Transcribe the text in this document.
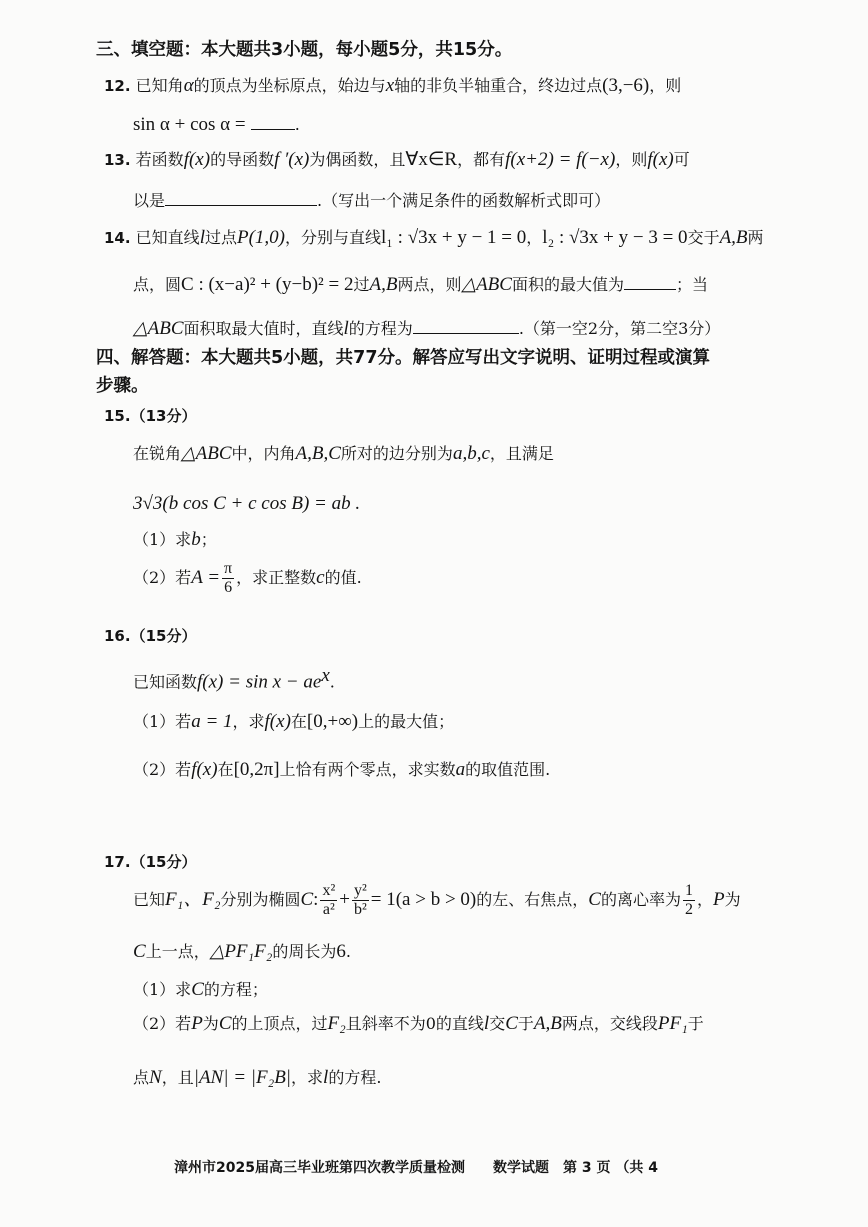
三、填空题：本大题共3小题，每小题5分，共15分。
12. 已知角α的顶点为坐标原点，始边与x轴的非负半轴重合，终边过点(3,−6)，则
sin α + cos α =	.
13. 若函数f(x)的导函数f ′(x)为偶函数，且∀x∈R，都有f(x+2) = f(−x)，则f(x)可
以是	.（写出一个满足条件的函数解析式即可）
14. 已知直线l过点P(1,0)，分别与直线l₁ : √3x + y − 1 = 0，l₂ : √3x + y − 3 = 0交于A,B两
点，圆C : (x−a)² + (y−b)² = 2过A,B两点，则△ABC面积的最大值为	；当
△ABC面积取最大值时，直线l的方程为	.（第一空2分，第二空3分）
四、解答题：本大题共5小题，共77分。解答应写出文字说明、证明过程或演算
步骤。
15.（13分）
在锐角△ABC中，内角A,B,C所对的边分别为a,b,c，且满足
3√3(b cos C + c cos B) = ab .
（1）求b；
（2）若$A = \frac{\pi}{6}$ ，求正整数c的值.
16.（15分）
已知函数$f(x) = \sin x - ae^x$.
（1）若a = 1，求f(x)在[0,+∞)上的最大值；
（2）若f(x)在[0,2π]上恰有两个零点，求实数a的取值范围.
17.（15分）
已知F₁、F₂分别为椭圆C: $\frac{\text{x²}}{\text{a²}} + \frac{\text{y²}}{\text{b²}} = 1(a > b > 0)$的左、右焦点，C的离心率为 $\frac{1}{2}$ ，P为
C上一点，△PF₁F₂的周长为6.
（1）求C的方程；
（2）若P为C的上顶点，过F₂且斜率不为0的直线l交C于A,B两点，交线段PF₁于
点N，且|AN| = |F₂B|，求l的方程.
漳州市2025届高三毕业班第四次教学质量检测　　数学试题　第 3 页 （共 4
